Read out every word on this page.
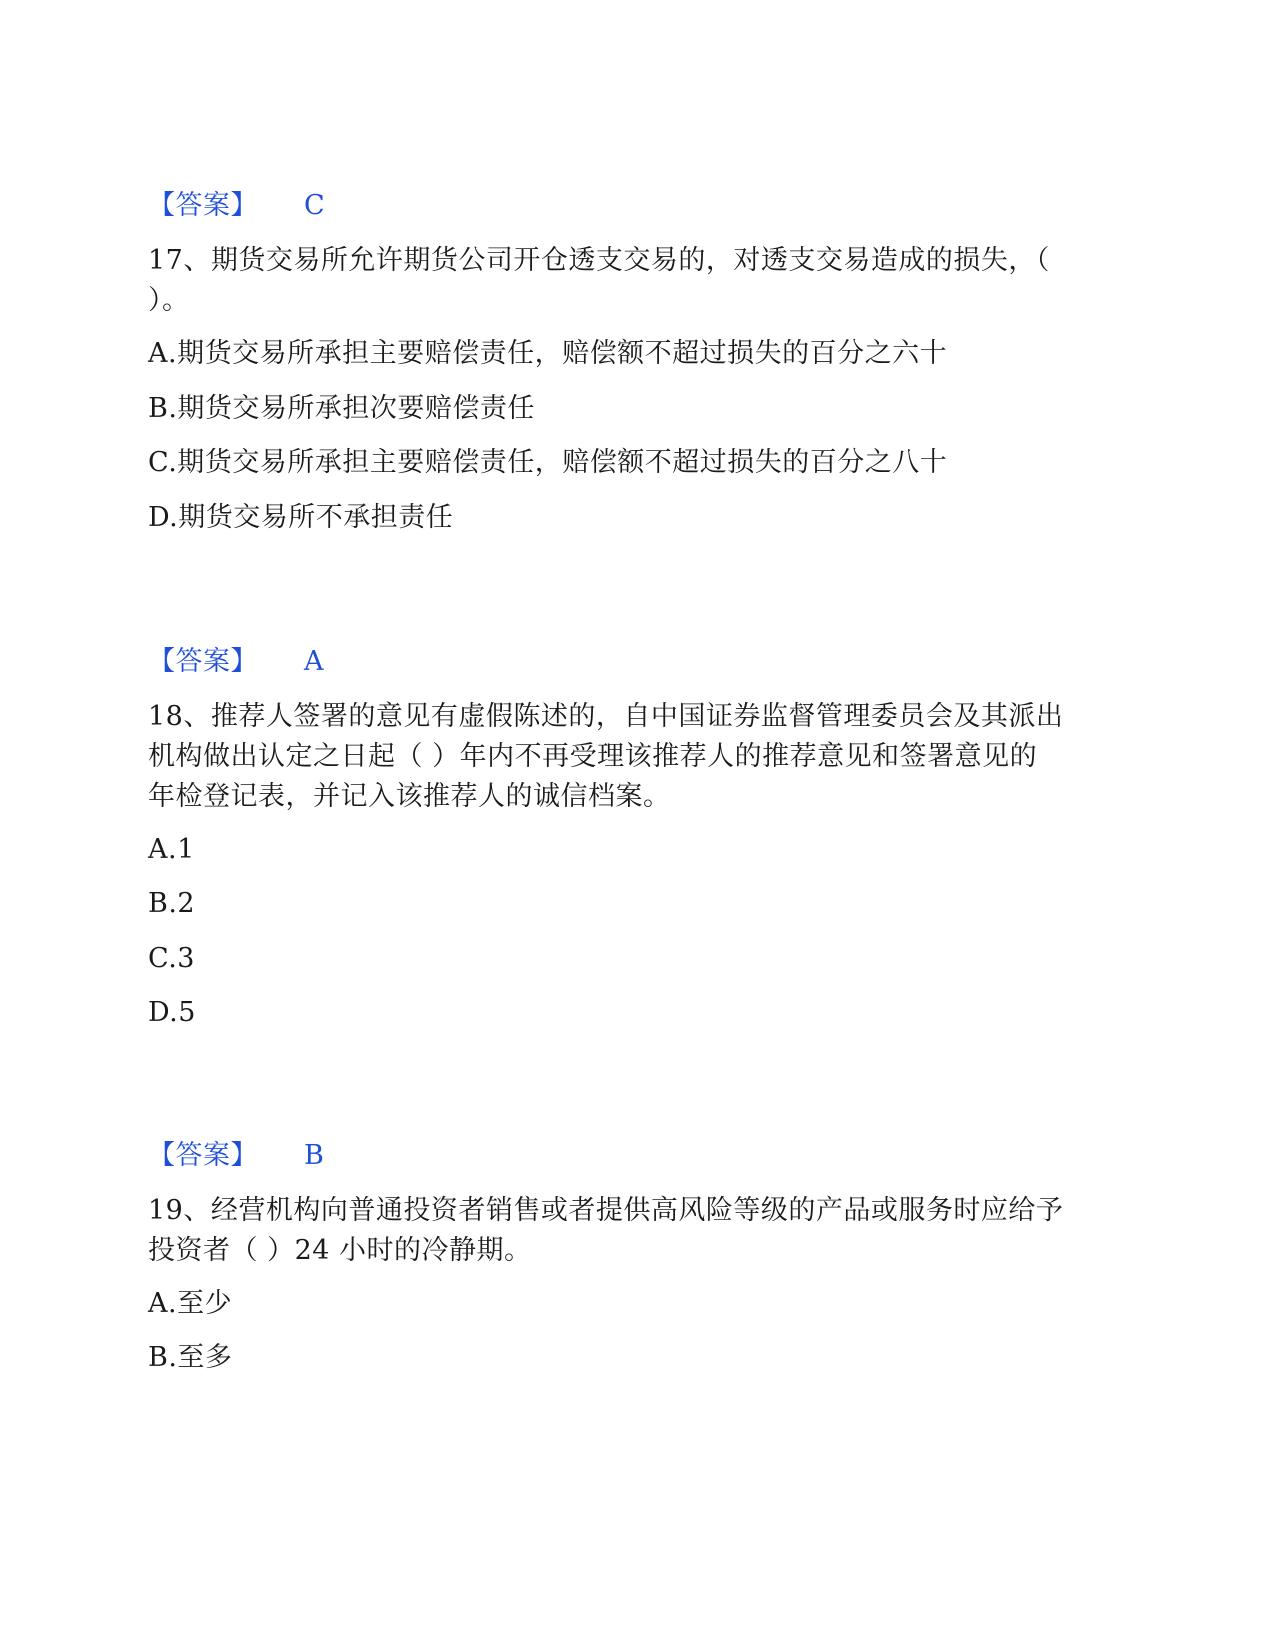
【答案】 C
17、期货交易所允许期货公司开仓透支交易的，对透支交易造成的损失，（
）。
A.期货交易所承担主要赔偿责任，赔偿额不超过损失的百分之六十
B.期货交易所承担次要赔偿责任
C.期货交易所承担主要赔偿责任，赔偿额不超过损失的百分之八十
D.期货交易所不承担责任
【答案】 A
18、推荐人签署的意见有虚假陈述的，自中国证券监督管理委员会及其派出
机构做出认定之日起（ ）年内不再受理该推荐人的推荐意见和签署意见的
年检登记表，并记入该推荐人的诚信档案。
A.1
B.2
C.3
D.5
【答案】 B
19、经营机构向普通投资者销售或者提供高风险等级的产品或服务时应给予
投资者（ ）24 小时的冷静期。
A.至少
B.至多
